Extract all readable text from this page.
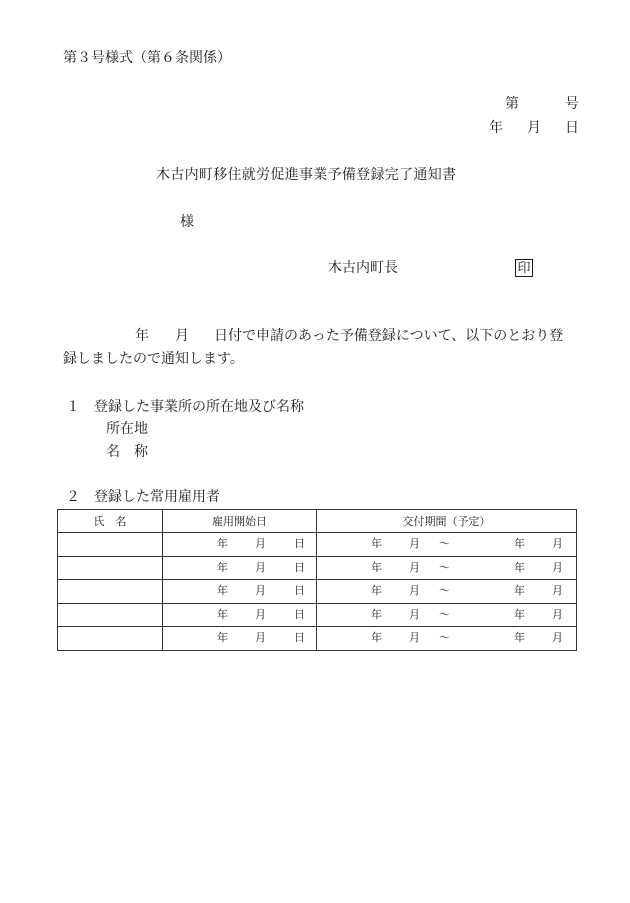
第３号様式（第６条関係）
第	号
年 月 日
木古内町移住就労促進事業予備登録完了通知書
様
木古内町長	印
年 月 日付で申請のあった予備登録について、以下のとおり登
録しましたので通知します。
１　登録した事業所の所在地及び名称
所在地
名称
２　登録した常用雇用者
氏　名	雇用開始日	交付期間（予定）

	年 月 日	年 月 ～ 年 月

	年 月 日	年 月 ～ 年 月

	年 月 日	年 月 ～ 年 月

	年 月 日	年 月 ～ 年 月

	年 月 日	年 月 ～ 年 月
